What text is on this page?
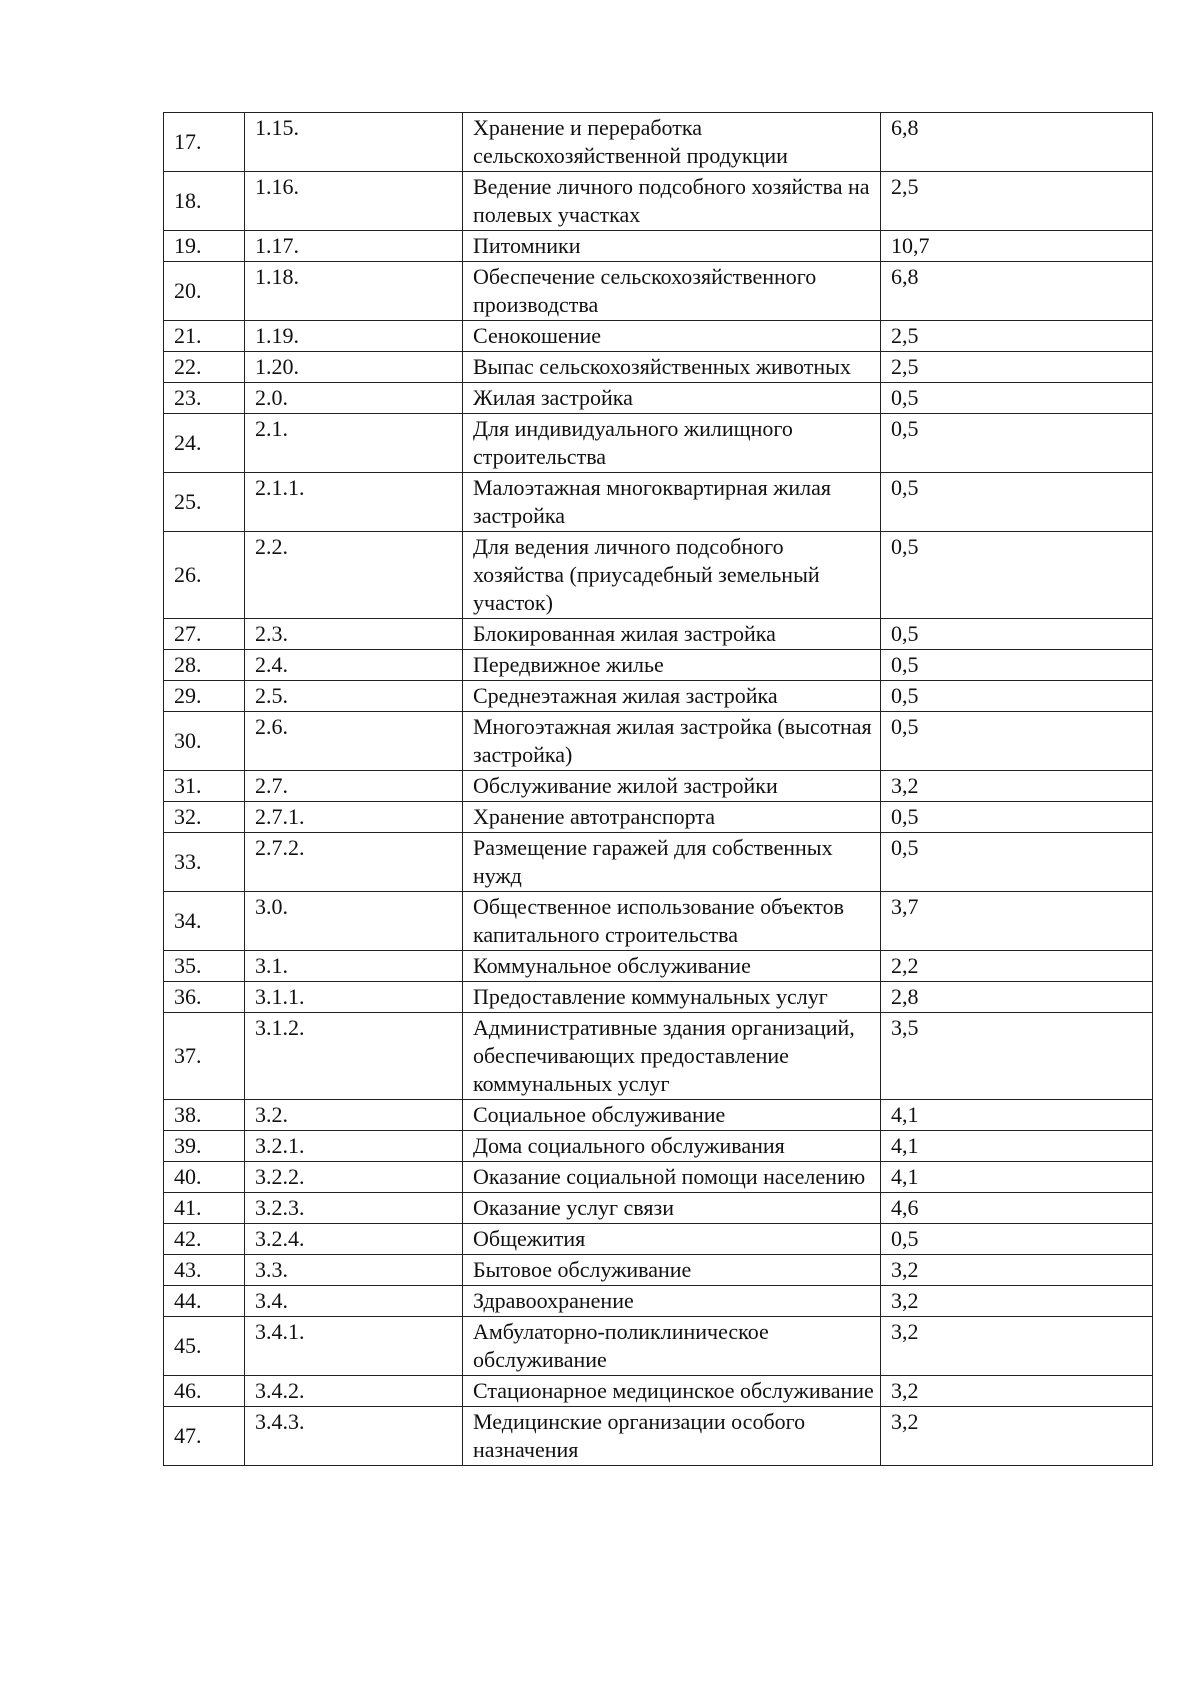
17.	1.15.	Хранение и переработка сельскохозяйственной продукции	6,8
18.	1.16.	Ведение личного подсобного хозяйства на полевых участках	2,5
19.	1.17.	Питомники	10,7
20.	1.18.	Обеспечение сельскохозяйственного производства	6,8
21.	1.19.	Сенокошение	2,5
22.	1.20.	Выпас сельскохозяйственных животных	2,5
23.	2.0.	Жилая застройка	0,5
24.	2.1.	Для индивидуального жилищного строительства	0,5
25.	2.1.1.	Малоэтажная многоквартирная жилая застройка	0,5
26.	2.2.	Для ведения личного подсобного хозяйства (приусадебный земельный участок)	0,5
27.	2.3.	Блокированная жилая застройка	0,5
28.	2.4.	Передвижное жилье	0,5
29.	2.5.	Среднеэтажная жилая застройка	0,5
30.	2.6.	Многоэтажная жилая застройка (высотная застройка)	0,5
31.	2.7.	Обслуживание жилой застройки	3,2
32.	2.7.1.	Хранение автотранспорта	0,5
33.	2.7.2.	Размещение гаражей для собственных нужд	0,5
34.	3.0.	Общественное использование объектов капитального строительства	3,7
35.	3.1.	Коммунальное обслуживание	2,2
36.	3.1.1.	Предоставление коммунальных услуг	2,8
37.	3.1.2.	Административные здания организаций, обеспечивающих предоставление коммунальных услуг	3,5
38.	3.2.	Социальное обслуживание	4,1
39.	3.2.1.	Дома социального обслуживания	4,1
40.	3.2.2.	Оказание социальной помощи населению	4,1
41.	3.2.3.	Оказание услуг связи	4,6
42.	3.2.4.	Общежития	0,5
43.	3.3.	Бытовое обслуживание	3,2
44.	3.4.	Здравоохранение	3,2
45.	3.4.1.	Амбулаторно-поликлиническое обслуживание	3,2
46.	3.4.2.	Стационарное медицинское обслуживание	3,2
47.	3.4.3.	Медицинские организации особого назначения	3,2
